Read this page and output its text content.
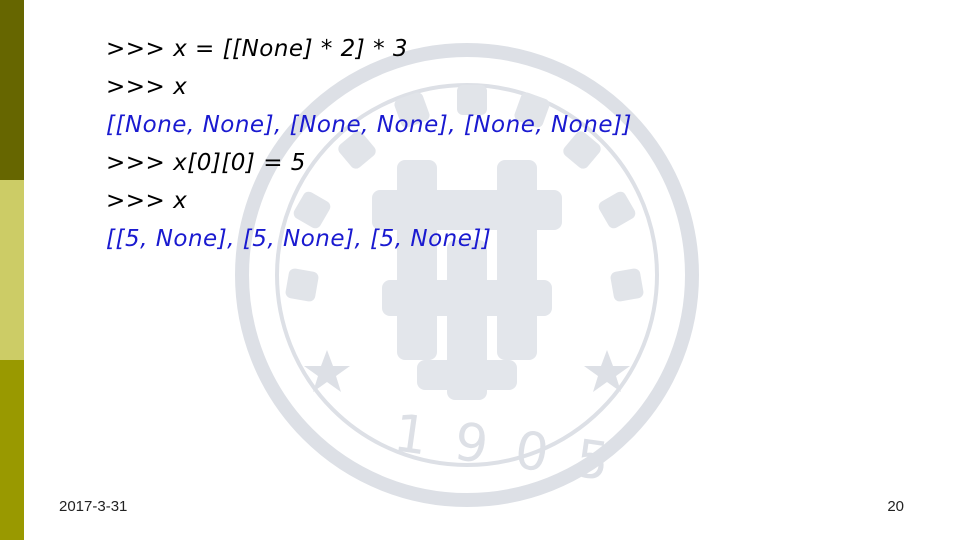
1905
>>> x = [[None] * 2] * 3
>>> x
[[None, None], [None, None], [None, None]]
>>> x[0][0] = 5
>>> x
[[5, None], [5, None], [5, None]]
2017-3-31	20
